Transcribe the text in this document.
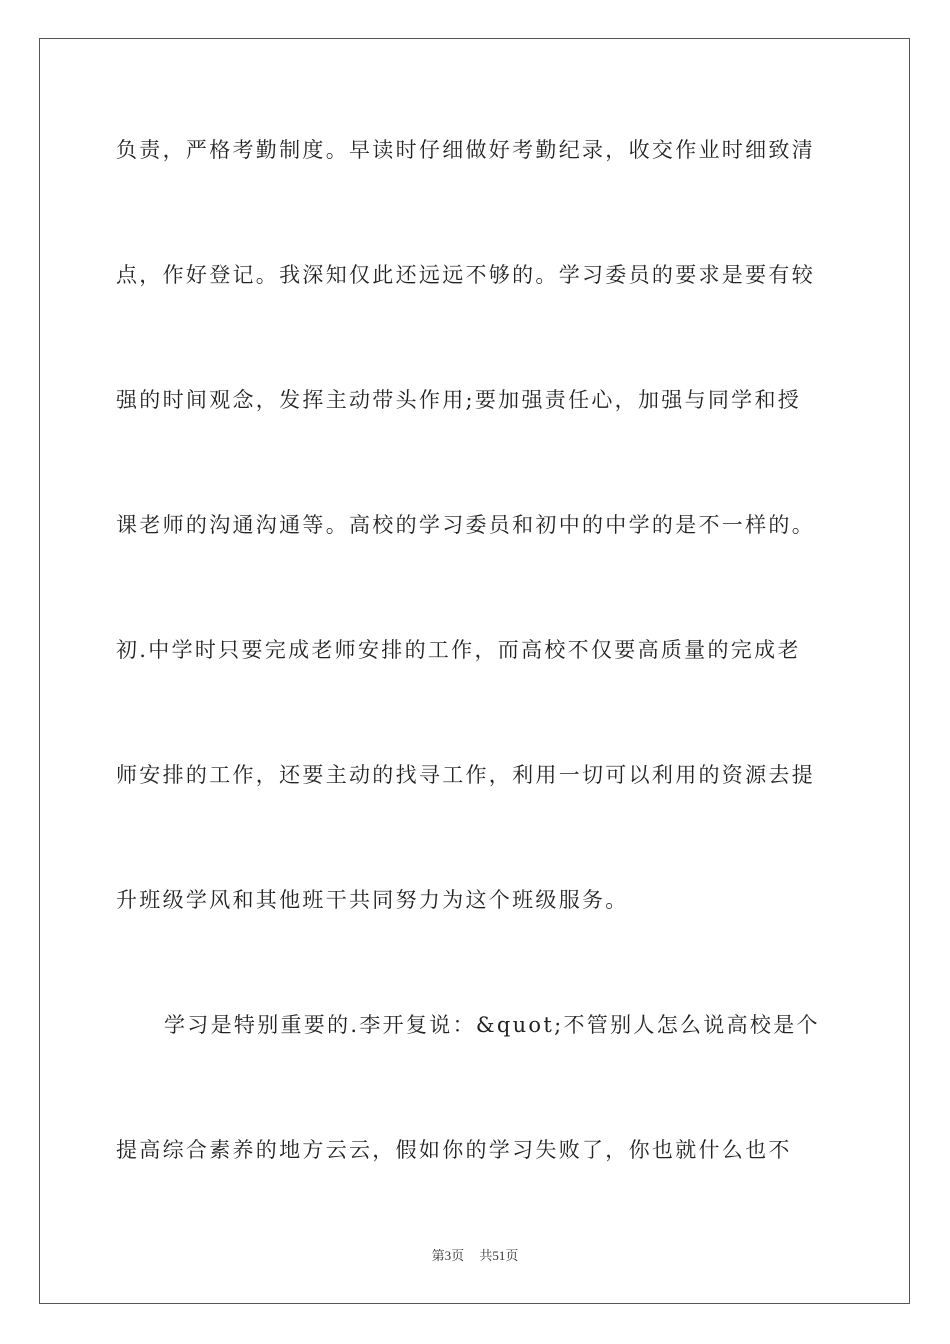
负责，严格考勤制度。早读时仔细做好考勤纪录，收交作业时细致清
点，作好登记。我深知仅此还远远不够的。学习委员的要求是要有较
强的时间观念，发挥主动带头作用;要加强责任心，加强与同学和授
课老师的沟通沟通等。高校的学习委员和初中的中学的是不一样的。
初.中学时只要完成老师安排的工作，而高校不仅要高质量的完成老
师安排的工作，还要主动的找寻工作，利用一切可以利用的资源去提
升班级学风和其他班干共同努力为这个班级服务。
学习是特别重要的.李开复说：&quot;不管别人怎么说高校是个
提高综合素养的地方云云，假如你的学习失败了，你也就什么也不
第3页 共51页
